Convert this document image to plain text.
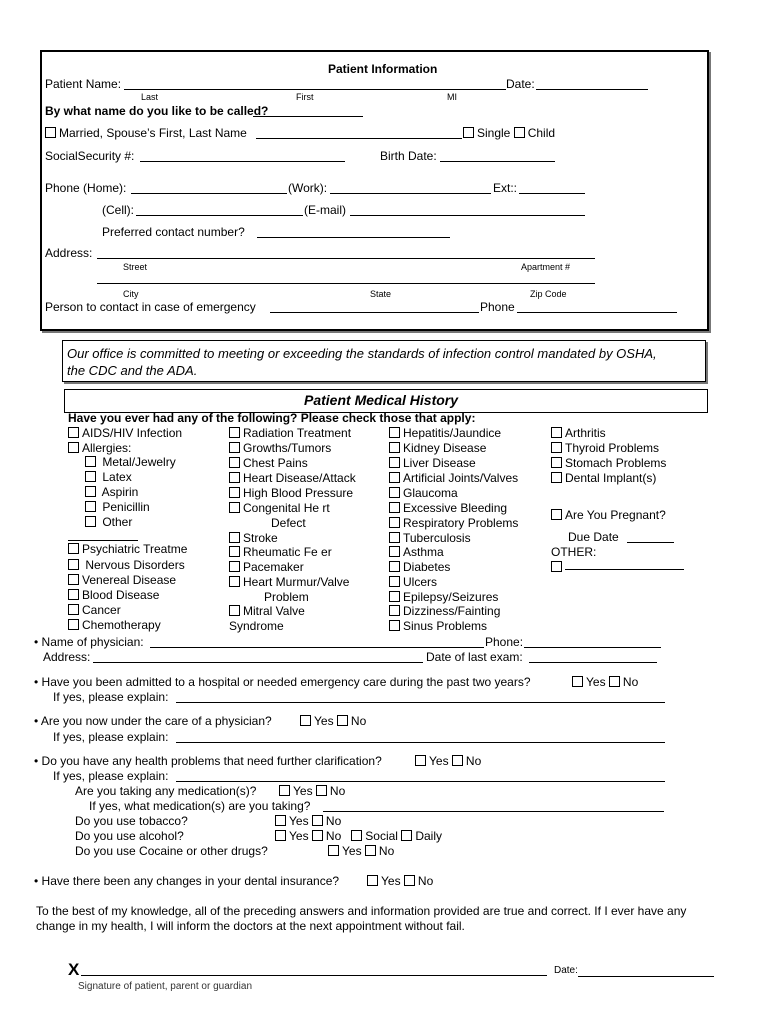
Patient Information
Patient Name:	Date:
Last	First	MI
By what name do you like to be called?
Married, Spouse’s First, Last Name	Single Child
SocialSecurity #:	Birth Date:
Phone (Home):	(Work):	Ext::
(Cell):	(E-mail)
Preferred contact number?
Address:
Street	Apartment #
City	State	Zip Code
Person to contact in case of emergency	Phone
Our office is committed to meeting or exceeding the standards of infection control mandated by OSHA,
the CDC and the ADA.
Patient Medical History
Have you ever had any of the following? Please check those that apply:
AIDS/HIV Infection
Allergies:
Metal/Jewelry
Latex
Aspirin
Penicillin
Other
Psychiatric Treatme
Nervous Disorders
Venereal Disease
Blood Disease
Cancer
Chemotherapy
Radiation Treatment
Growths/Tumors
Chest Pains
Heart Disease/Attack
High Blood Pressure
Congenital He rt
Defect
Stroke
Rheumatic Fe er
Pacemaker
Heart Murmur/Valve
Problem
Mitral Valve
Syndrome
Hepatitis/Jaundice
Kidney Disease
Liver Disease
Artificial Joints/Valves
Glaucoma
Excessive Bleeding
Respiratory Problems
Tuberculosis
Asthma
Diabetes
Ulcers
Epilepsy/Seizures
Dizziness/Fainting
Sinus Problems
Arthritis
Thyroid Problems
Stomach Problems
Dental Implant(s)
Are You Pregnant?
Due Date
OTHER:
• Name of physician:	Phone:
Address:	Date of last exam:
• Have you been admitted to a hospital or needed emergency care during the past two years?	Yes No
If yes, please explain:
• Are you now under the care of a physician?	Yes No
If yes, please explain:
• Do you have any health problems that need further clarification?	Yes No
If yes, please explain:
Are you taking any medication(s)?	Yes No
If yes, what medication(s) are you taking?
Do you use tobacco?	Yes No
Do you use alcohol?	Yes No Social Daily
Do you use Cocaine or other drugs?	Yes No
• Have there been any changes in your dental insurance?	Yes No
To the best of my knowledge, all of the preceding answers and information provided are true and correct. If I ever have any
change in my health, I will inform the doctors at the next appointment without fail.
X	Date:
Signature of patient, parent or guardian
